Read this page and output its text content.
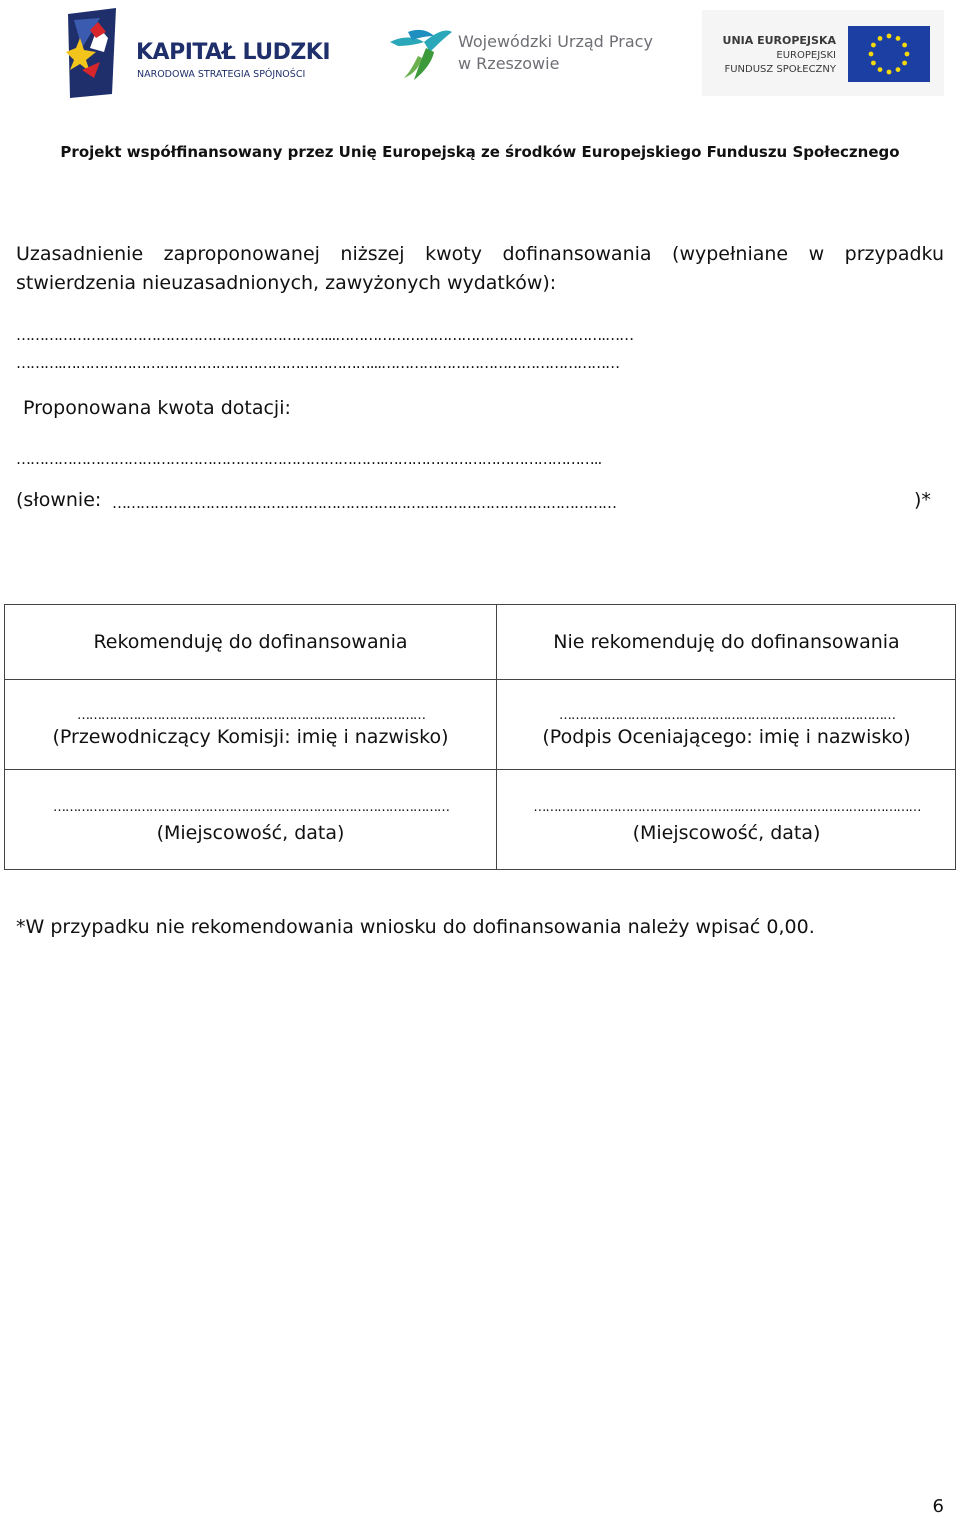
KAPITAŁ LUDZKI
NARODOWA STRATEGIA SPÓJNOŚCI
Wojewódzki Urząd Pracy
w Rzeszowie
UNIA EUROPEJSKA
EUROPEJSKI
FUNDUSZ SPOŁECZNY
Projekt współfinansowany przez Unię Europejską ze środków Europejskiego Funduszu Społecznego
Uzasadnienie zaproponowanej niższej kwoty dofinansowania (wypełniane w przypadku stwierdzenia nieuzasadnionych, zawyżonych wydatków):
…………………………………………………………...………………………………………………….……
……….…………………………………………………………...……………………………………………
Proponowana kwota dotacji:
…………………………………………………………………….………………………………………..
(słownie: ………………………………………………………………………………………………	)*
Rekomenduję do dofinansowania	Nie rekomenduję do dofinansowania
……………………………………………………………………………
(Przewodniczący Komisji: imię i nazwisko)
…………………………………………………………………………
(Podpis Oceniającego: imię i nazwisko)
………………………………………………………………………………………
(Miejscowość, data)
…………………………………………….………………………………………
(Miejscowość, data)
*W przypadku nie rekomendowania wniosku do dofinansowania należy wpisać 0,00.
6
